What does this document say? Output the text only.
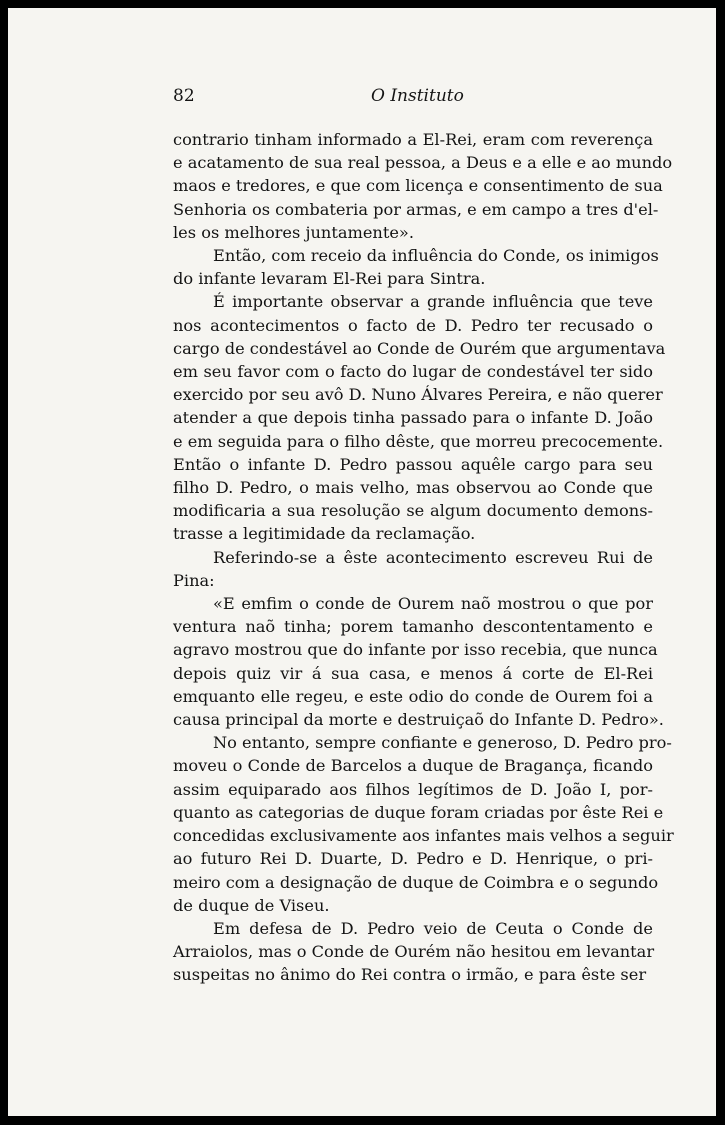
82	O Instituto

contrario tinham informado a El-Rei, eram com reverença
e acatamento de sua real pessoa, a Deus e a elle e ao mundo
maos e tredores, e que com licença e consentimento de sua
Senhoria os combateria por armas, e em campo a tres d'el-
les os melhores juntamente».

Então, com receio da influência do Conde, os inimigos
do infante levaram El-Rei para Sintra.

É importante observar a grande influência que teve
nos acontecimentos o facto de D. Pedro ter recusado o
cargo de condestável ao Conde de Ourém que argumentava
em seu favor com o facto do lugar de condestável ter sido
exercido por seu avô D. Nuno Álvares Pereira, e não querer
atender a que depois tinha passado para o infante D. João
e em seguida para o filho dêste, que morreu precocemente.
Então o infante D. Pedro passou aquêle cargo para seu
filho D. Pedro, o mais velho, mas observou ao Conde que
modificaria a sua resolução se algum documento demons-
trasse a legitimidade da reclamação.

Referindo-se a êste acontecimento escreveu Rui de
Pina:

«E emfim o conde de Ourem naõ mostrou o que por
ventura naõ tinha; porem tamanho descontentamento e
agravo mostrou que do infante por isso recebia, que nunca
depois quiz vir á sua casa, e menos á corte de El-Rei
emquanto elle regeu, e este odio do conde de Ourem foi a
causa principal da morte e destruiçaõ do Infante D. Pedro».

No entanto, sempre confiante e generoso, D. Pedro pro-
moveu o Conde de Barcelos a duque de Bragança, ficando
assim equiparado aos filhos legítimos de D. João I, por-
quanto as categorias de duque foram criadas por êste Rei e
concedidas exclusivamente aos infantes mais velhos a seguir
ao futuro Rei D. Duarte, D. Pedro e D. Henrique, o pri-
meiro com a designação de duque de Coimbra e o segundo
de duque de Viseu.

Em defesa de D. Pedro veio de Ceuta o Conde de
Arraiolos, mas o Conde de Ourém não hesitou em levantar
suspeitas no ânimo do Rei contra o irmão, e para êste ser
